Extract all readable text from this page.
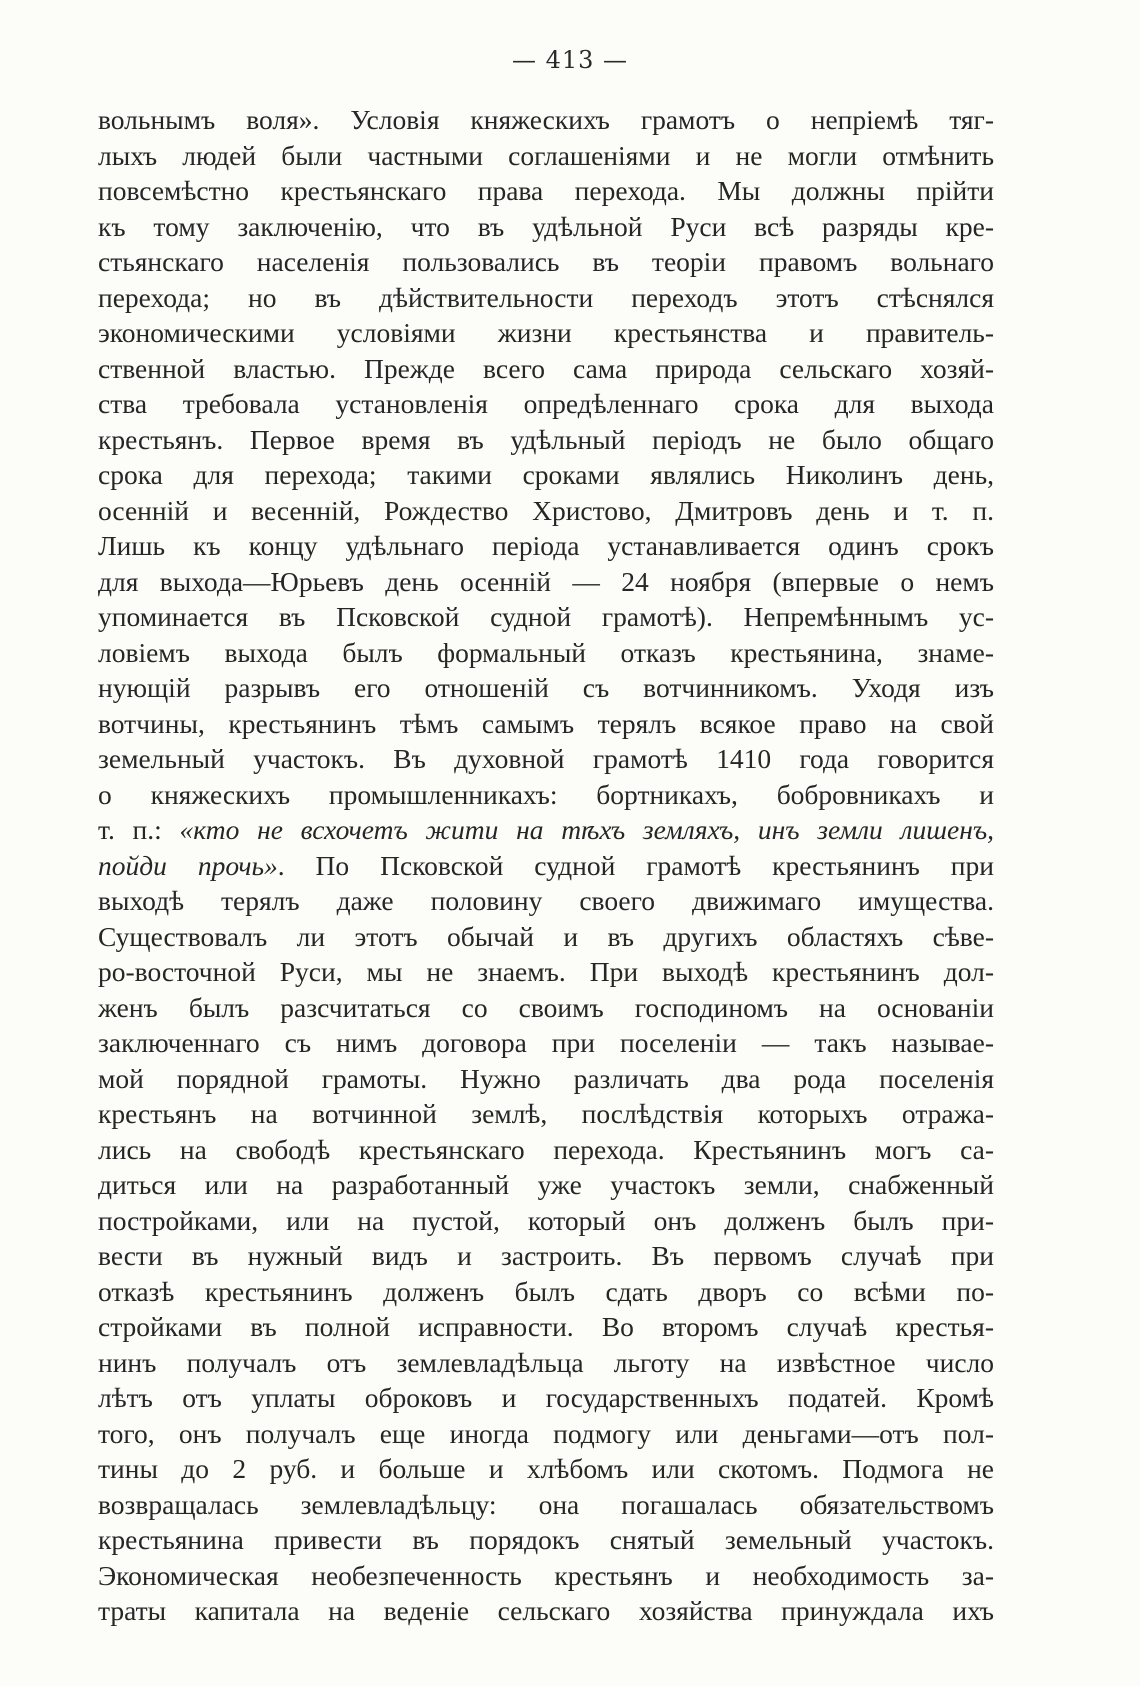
— 413 —
вольнымъ воля». Условія княжескихъ грамотъ о непріемѣ тяг-
лыхъ людей были частными соглашеніями и не могли отмѣнить
повсемѣстно крестьянскаго права перехода. Мы должны прійти
къ тому заключенію, что въ удѣльной Руси всѣ разряды кре-
стьянскаго населенія пользовались въ теоріи правомъ вольнаго
перехода; но въ дѣйствительности переходъ этотъ стѣснялся
экономическими условіями жизни крестьянства и правитель-
ственной властью. Прежде всего сама природа сельскаго хозяй-
ства требовала установленія опредѣленнаго срока для выхода
крестьянъ. Первое время въ удѣльный періодъ не было общаго
срока для перехода; такими сроками являлись Николинъ день,
осенній и весенній, Рождество Христово, Дмитровъ день и т. п.
Лишь къ концу удѣльнаго періода устанавливается одинъ срокъ
для выхода—Юрьевъ день осенній — 24 ноября (впервые о немъ
упоминается въ Псковской судной грамотѣ). Непремѣннымъ ус-
ловіемъ выхода былъ формальный отказъ крестьянина, знаме-
нующій разрывъ его отношеній съ вотчинникомъ. Уходя изъ
вотчины, крестьянинъ тѣмъ самымъ терялъ всякое право на свой
земельный участокъ. Въ духовной грамотѣ 1410 года говорится
о княжескихъ промышленникахъ: бортникахъ, бобровникахъ и
т. п.: «кто не всхочетъ жити на тѣхъ земляхъ, инъ земли лишенъ,
пойди прочь». По Псковской судной грамотѣ крестьянинъ при
выходѣ терялъ даже половину своего движимаго имущества.
Существовалъ ли этотъ обычай и въ другихъ областяхъ сѣве-
ро-восточной Руси, мы не знаемъ. При выходѣ крестьянинъ дол-
женъ былъ разсчитаться со своимъ господиномъ на основаніи
заключеннаго съ нимъ договора при поселеніи — такъ называе-
мой порядной грамоты. Нужно различать два рода поселенія
крестьянъ на вотчинной землѣ, послѣдствія которыхъ отража-
лись на свободѣ крестьянскаго перехода. Крестьянинъ могъ са-
диться или на разработанный уже участокъ земли, снабженный
постройками, или на пустой, который онъ долженъ былъ при-
вести въ нужный видъ и застроить. Въ первомъ случаѣ при
отказѣ крестьянинъ долженъ былъ сдать дворъ со всѣми по-
стройками въ полной исправности. Во второмъ случаѣ крестья-
нинъ получалъ отъ землевладѣльца льготу на извѣстное число
лѣтъ отъ уплаты оброковъ и государственныхъ податей. Кромѣ
того, онъ получалъ еще иногда подмогу или деньгами—отъ пол-
тины до 2 руб. и больше и хлѣбомъ или скотомъ. Подмога не
возвращалась землевладѣльцу: она погашалась обязательствомъ
крестьянина привести въ порядокъ снятый земельный участокъ.
Экономическая необезпеченность крестьянъ и необходимость за-
траты капитала на веденіе сельскаго хозяйства принуждала ихъ
